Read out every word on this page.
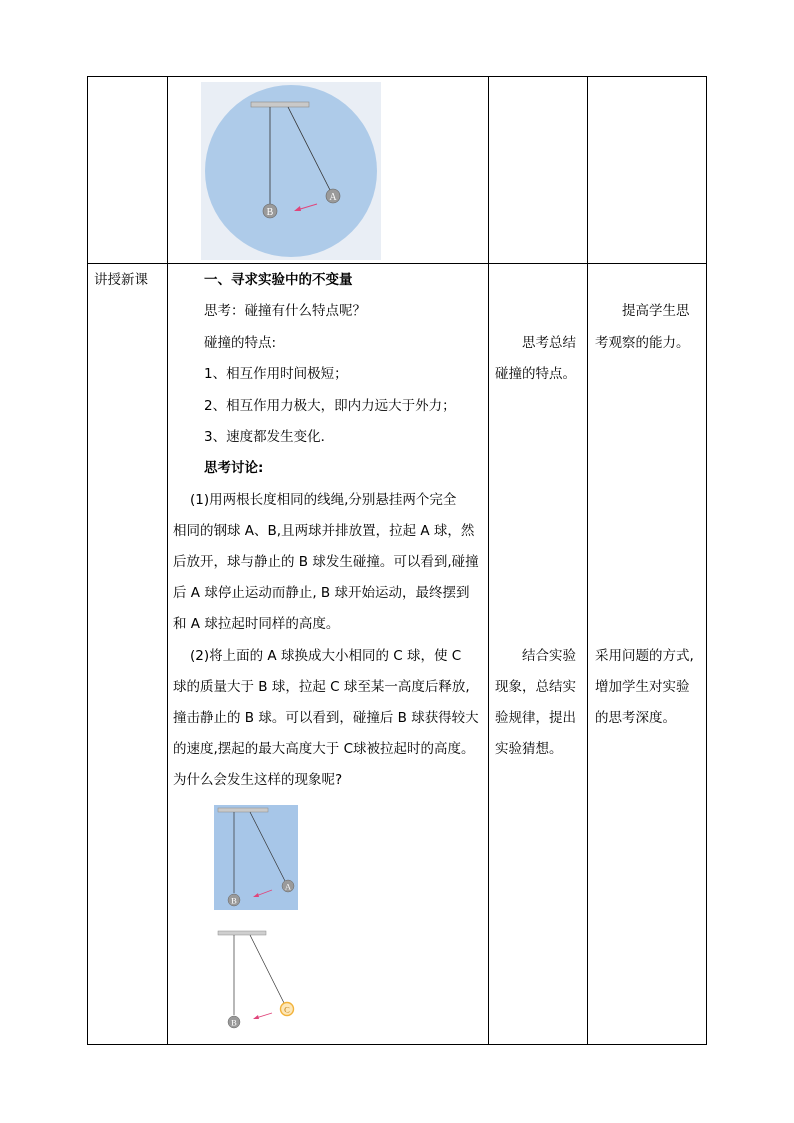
B
A
讲授新课	一、寻求实验中的不变量
思考：碰撞有什么特点呢？
碰撞的特点:
1、相互作用时间极短；
2、相互作用力极大，即内力远大于外力；
3、速度都发生变化．
思考讨论:
(1)用两根长度相同的线绳,分别悬挂两个完全
相同的钢球 A、B,且两球并排放置，拉起 A 球，然
后放开，球与静止的 B 球发生碰撞。可以看到,碰撞
后 A 球停止运动而静止, B 球开始运动，最终摆到
和 A 球拉起时同样的高度。
(2)将上面的 A 球换成大小相同的 C 球，使 C
球的质量大于 B 球，拉起 C 球至某一高度后释放,
撞击静止的 B 球。可以看到，碰撞后 B 球获得较大
的速度,摆起的最大高度大于 C球被拉起时的高度。
为什么会发生这样的现象呢?
B
A
B
C
思考总结
碰撞的特点。
结合实验
现象，总结实
验规律，提出
实验猜想。
提高学生思
考观察的能力。
采用问题的方式,
增加学生对实验
的思考深度。
